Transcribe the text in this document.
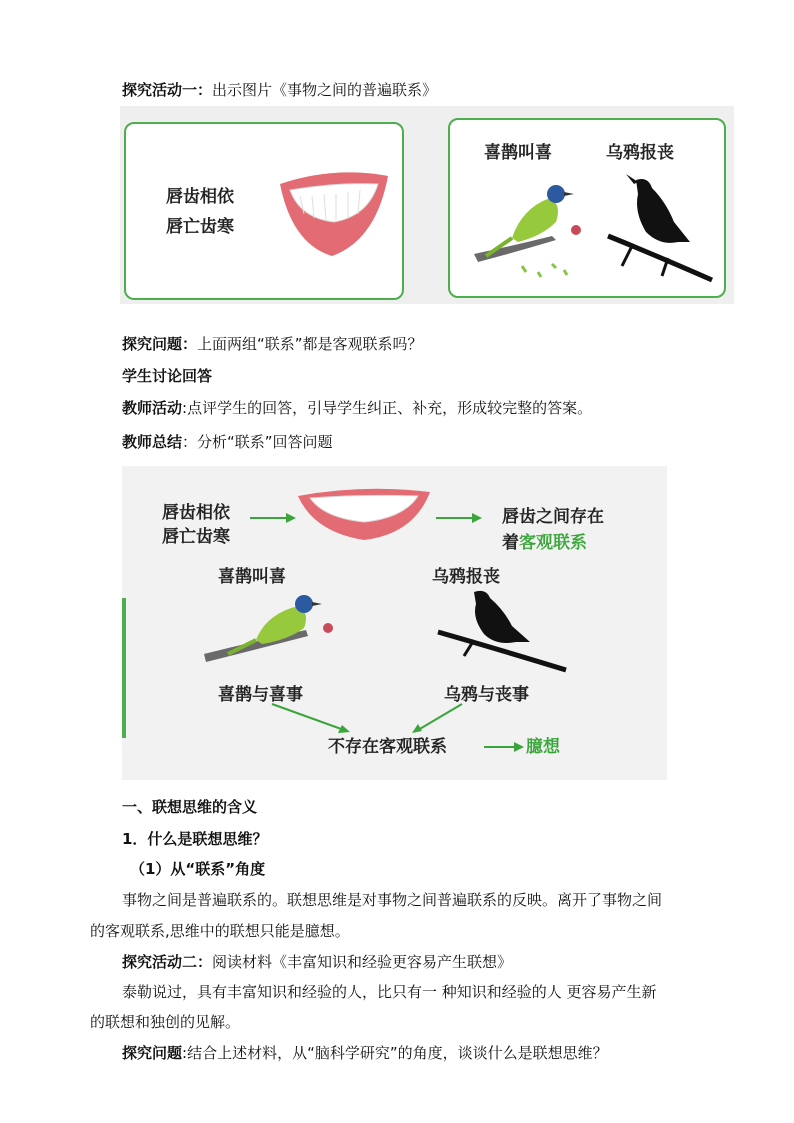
探究活动一：出示图片《事物之间的普遍联系》
唇齿相依
唇亡齿寒
喜鹊叫喜	乌鸦报丧
探究问题：上面两组“联系”都是客观联系吗？
学生讨论回答
教师活动:点评学生的回答，引导学生纠正、补充，形成较完整的答案。
教师总结：分析“联系”回答问题
唇齿相依
唇亡齿寒
唇齿之间存在
着客观联系
喜鹊叫喜	乌鸦报丧
喜鹊与喜事	乌鸦与丧事
不存在客观联系	臆想
一、联想思维的含义
1．什么是联想思维？
（1）从“联系”角度
事物之间是普遍联系的。联想思维是对事物之间普遍联系的反映。离开了事物之间
的客观联系,思维中的联想只能是臆想。
探究活动二：阅读材料《丰富知识和经验更容易产生联想》
泰勒说过，具有丰富知识和经验的人，比只有一 种知识和经验的人 更容易产生新
的联想和独创的见解。
探究问题:结合上述材料，从“脑科学研究”的角度，谈谈什么是联想思维？
